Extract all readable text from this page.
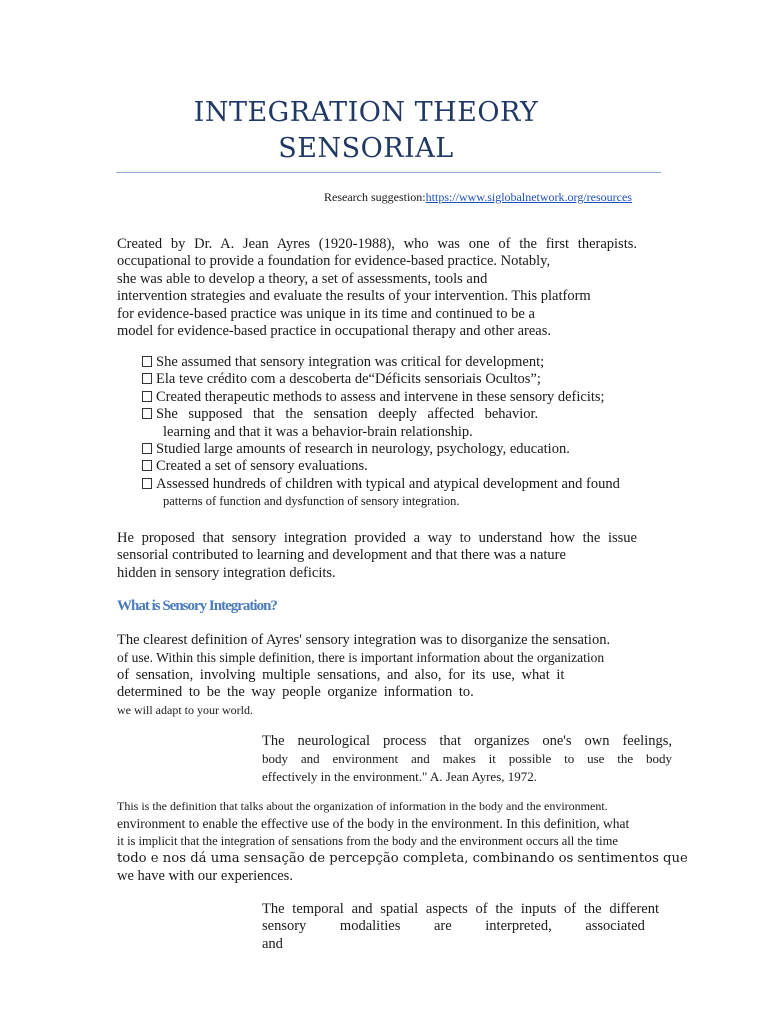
INTEGRATION THEORY
SENSORIAL
Research suggestion:https://www.siglobalnetwork.org/resources
Created by Dr. A. Jean Ayres (1920-1988), who was one of the first therapists.
occupational to provide a foundation for evidence-based practice. Notably,
she was able to develop a theory, a set of assessments, tools and
intervention strategies and evaluate the results of your intervention. This platform
for evidence-based practice was unique in its time and continued to be a
model for evidence-based practice in occupational therapy and other areas.
She assumed that sensory integration was critical for development;
Ela teve crédito com a descoberta de“Déficits sensoriais Ocultos”;
Created therapeutic methods to assess and intervene in these sensory deficits;
She supposed that the sensation deeply affected behavior.
learning and that it was a behavior-brain relationship.
Studied large amounts of research in neurology, psychology, education.
Created a set of sensory evaluations.
Assessed hundreds of children with typical and atypical development and found
patterns of function and dysfunction of sensory integration.
He proposed that sensory integration provided a way to understand how the issue
sensorial contributed to learning and development and that there was a nature
hidden in sensory integration deficits.
What is Sensory Integration?
The clearest definition of Ayres' sensory integration was to disorganize the sensation.
of use. Within this simple definition, there is important information about the organization
of sensation, involving multiple sensations, and also, for its use, what it
determined to be the way people organize information to.
we will adapt to your world.
The neurological process that organizes one's own feelings,
body and environment and makes it possible to use the body
effectively in the environment." A. Jean Ayres, 1972.
This is the definition that talks about the organization of information in the body and the environment.
environment to enable the effective use of the body in the environment. In this definition, what
it is implicit that the integration of sensations from the body and the environment occurs all the time
todo e nos dá uma sensação de percepção completa, combinando os sentimentos que
we have with our experiences.
The temporal and spatial aspects of the inputs of the different
sensory modalities are interpreted, associated and
